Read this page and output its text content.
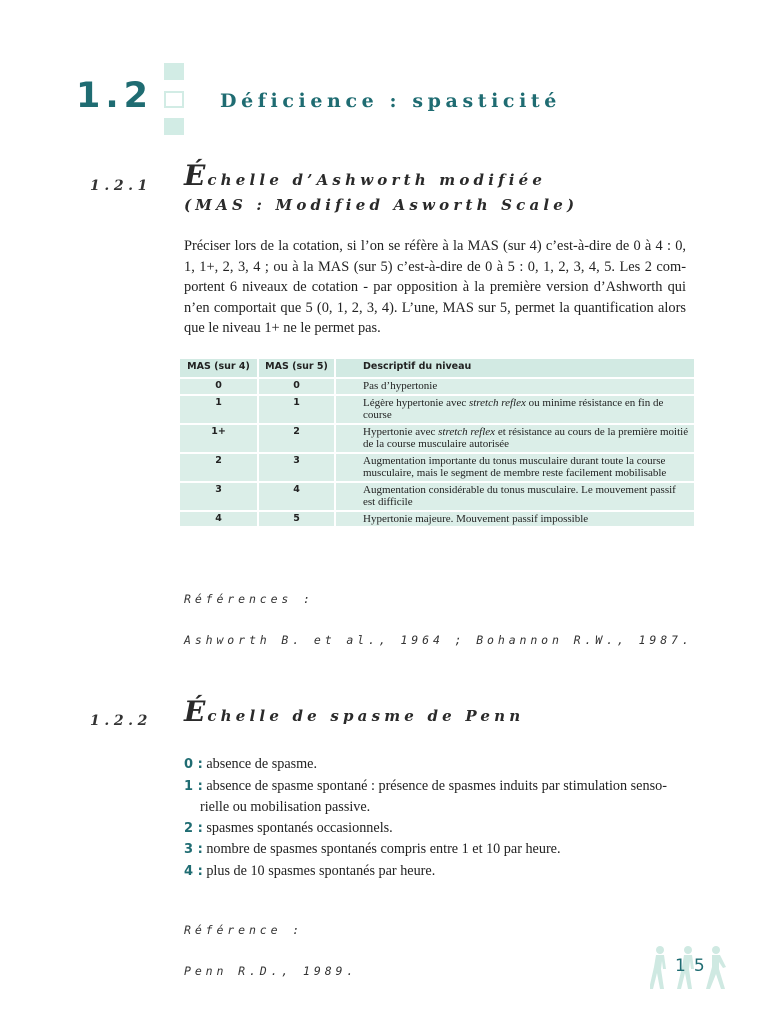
1.2	Déficience : spasticité
1.2.1 Échelle d’Ashworth modifiée
(MAS : Modified Asworth Scale)
Préciser lors de la cotation, si l’on se réfère à la MAS (sur 4) c’est-à-dire de 0 à 4 : 0, 1, 1+, 2, 3, 4 ; ou à la MAS (sur 5) c’est-à-dire de 0 à 5 : 0, 1, 2, 3, 4, 5. Les 2 comportent 6 niveaux de cotation - par opposition à la première version d’Ashworth qui n’en comportait que 5 (0, 1, 2, 3, 4). L’une, MAS sur 5, permet la quantification alors que le niveau 1+ ne le permet pas.
MAS (sur 4)	MAS (sur 5)	Descriptif du niveau
0	0	Pas d’hypertonie
1	1	Légère hypertonie avec stretch reflex ou minime résistance en fin de course
1+	2	Hypertonie avec stretch reflex et résistance au cours de la première moitié de la course musculaire autorisée
2	3	Augmentation importante du tonus musculaire durant toute la course musculaire, mais le segment de membre reste facilement mobilisable
3	4	Augmentation considérable du tonus musculaire. Le mouvement passif est difficile
4	5	Hypertonie majeure. Mouvement passif impossible
Références :
Ashworth B. et al., 1964 ; Bohannon R.W., 1987.
1.2.2 Échelle de spasme de Penn
0 : absence de spasme.
1 : absence de spasme spontané : présence de spasmes induits par stimulation sensorielle ou mobilisation passive.
2 : spasmes spontanés occasionnels.
3 : nombre de spasmes spontanés compris entre 1 et 10 par heure.
4 : plus de 10 spasmes spontanés par heure.
Référence :
Penn R.D., 1989.	15
